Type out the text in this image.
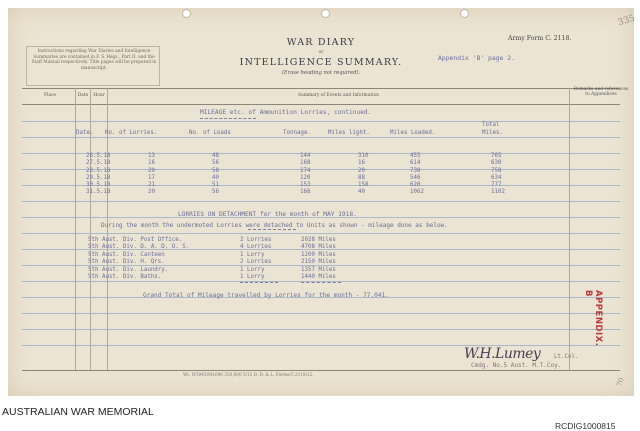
335
Instructions regarding War Diaries and Intelligence Summaries are contained in F. S. Regs., Part II. and the Staff Manual respectively. Title pages will be prepared in manuscript.
WAR DIARY
or
INTELLIGENCE SUMMARY.
(Erase heading not required).
Army Form C. 2118.
Appendix 'B' page 2.
Place	Date	Hour	Summary of Events and Information
Remarks and references to Appendices
MILEAGE etc. of Ammunition Lorries, continued.
Date. No. of Lorries.	No. of Loads	Tonnage.	Miles light.	Miles Loaded.
Total
Miles.
26.5.18	13	48	144	310	455	765
27.5.18	16	56	168	16	614	630
28.5.18	20	58	174	20	738	758
29.5.18	17	40	120	88	546	634
30.5.18	21	51	153	158	620	777
31.5.18	20	56	168	40	1062	1102
LORRIES ON DETACHMENT for the month of MAY 1918.
During the month the undermoted Lorries were detached to Units as shown - mileage done as below.
5th Aust. Div. Post Office.	2 Lorries	2028 Miles
5th Aust. Div. D. A. D. O. S.	4 Lorries	4708 Miles
5th Aust. Div. Canteen	1 Lorry	1200 Miles
5th Aust. Div. H. Qrs.	2 Lorries	2150 Miles
5th Aust. Div. Laundry.	1 Lorry	1357 Miles
5th Aust. Div. Baths.	1 Lorry	1440 Miles
Grand Total of Mileage travelled by Lorries for the month - 77,041.	APPENDIX. B
W.H.Lumey Lt.Col.
Cmdg. No.5 Aust. M.T.Coy.
Wt. W5945/M1696 350,000 5/15 D. D. & L. Forms/C.2118/12.
70
AUSTRALIAN WAR MEMORIAL
RCDIG1000815
